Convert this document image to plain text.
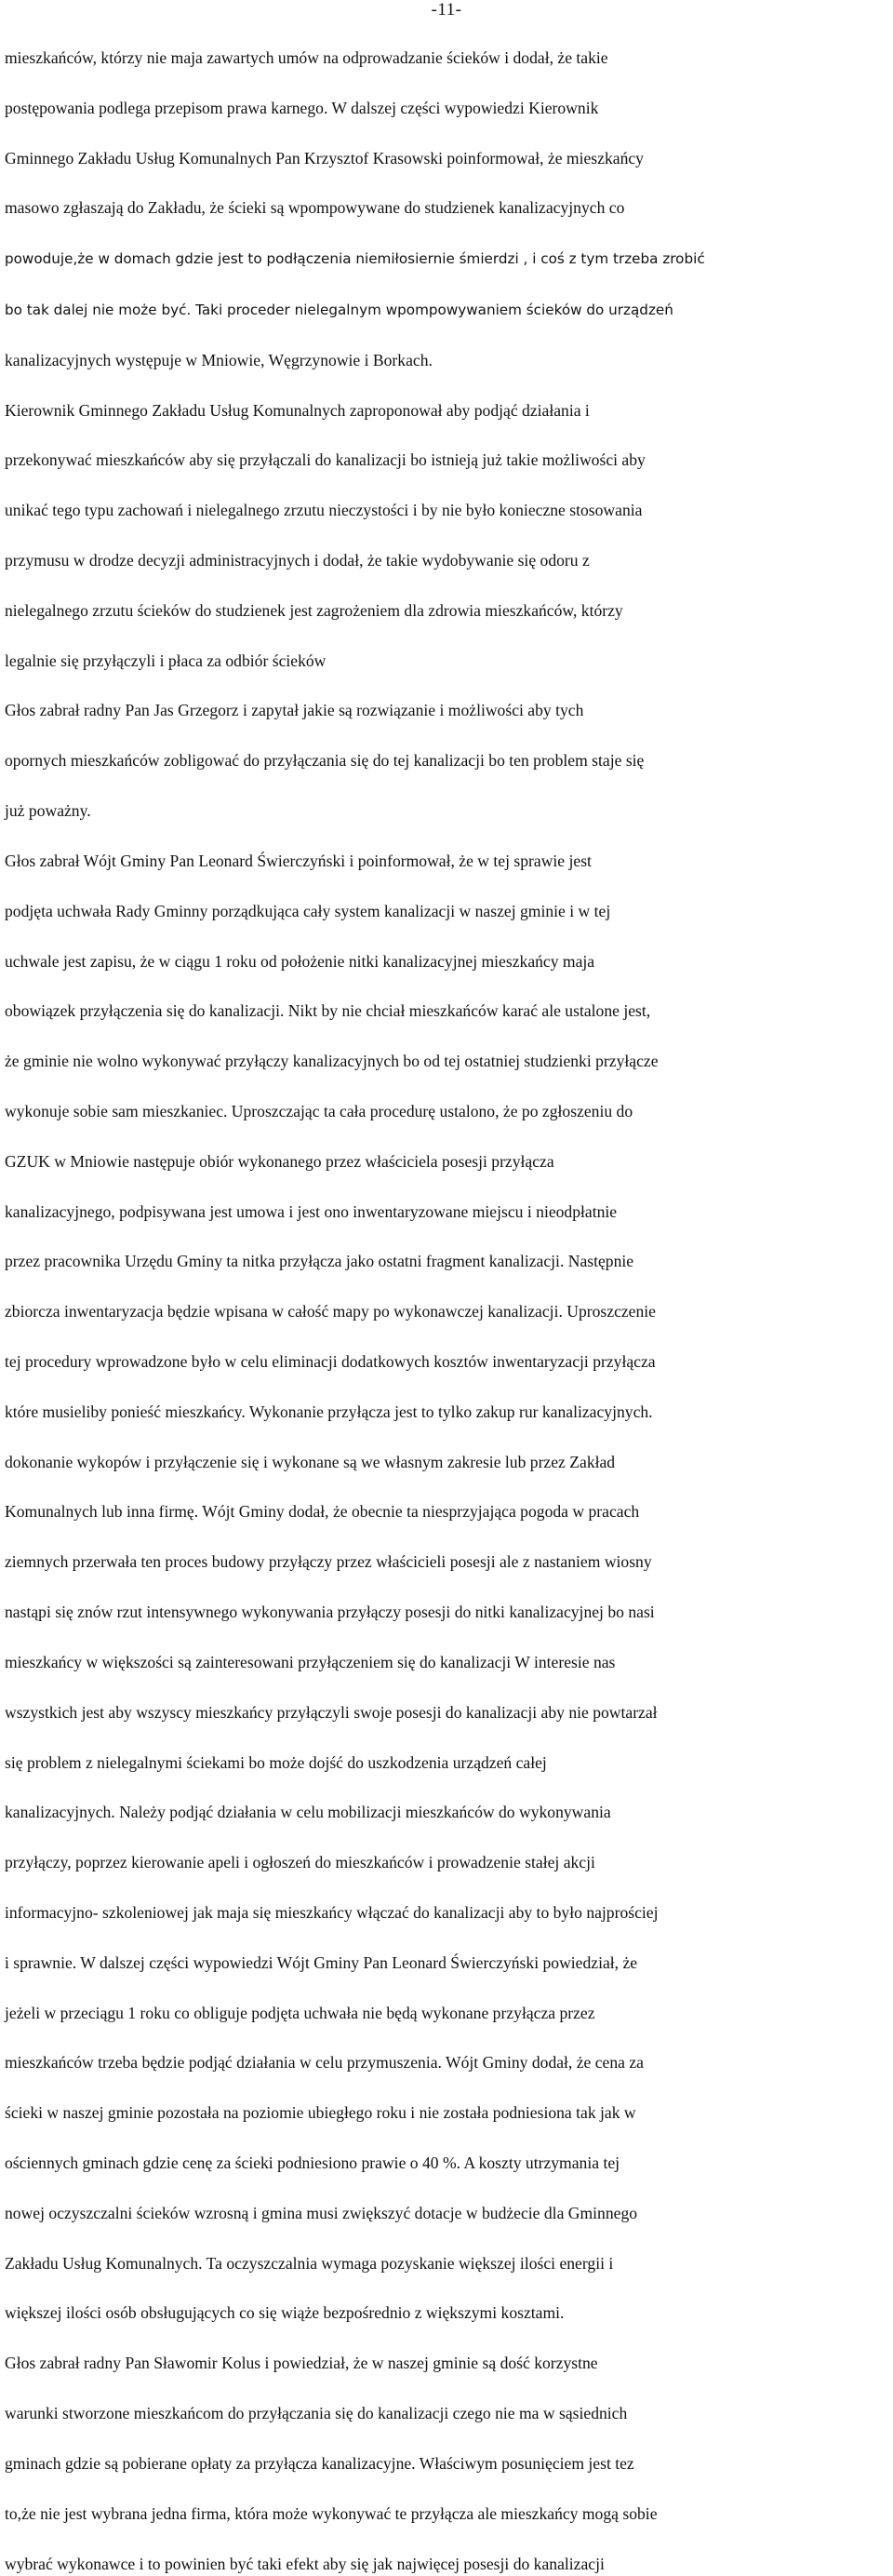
-11-

mieszkańców, którzy nie maja zawartych umów na odprowadzanie ścieków i dodał, że takie

postępowania podlega przepisom prawa karnego. W dalszej części wypowiedzi Kierownik

Gminnego Zakładu Usług Komunalnych Pan Krzysztof Krasowski poinformował, że mieszkańcy

masowo zgłaszają do Zakładu, że ścieki są wpompowywane do studzienek kanalizacyjnych co

powoduje,że w domach gdzie jest to podłączenia niemiłosiernie śmierdzi , i coś z tym trzeba zrobić

bo tak dalej nie może być. Taki proceder nielegalnym wpompowywaniem ścieków do urządzeń

kanalizacyjnych występuje w Mniowie, Węgrzynowie i Borkach.

Kierownik Gminnego Zakładu Usług Komunalnych zaproponował aby podjąć działania i

przekonywać mieszkańców aby się przyłączali do kanalizacji bo istnieją już takie możliwości aby

unikać tego typu zachowań i nielegalnego zrzutu nieczystości i by nie było konieczne stosowania

przymusu w drodze decyzji administracyjnych i dodał, że takie wydobywanie się odoru z

nielegalnego zrzutu ścieków do studzienek jest zagrożeniem dla zdrowia mieszkańców, którzy

legalnie się przyłączyli i płaca za odbiór ścieków

Głos zabrał radny Pan Jas Grzegorz i zapytał jakie są rozwiązanie i możliwości aby tych

opornych mieszkańców zobligować do przyłączania się do tej kanalizacji bo ten problem staje się

już poważny.

Głos zabrał Wójt Gminy Pan Leonard Świerczyński i poinformował, że w tej sprawie jest

podjęta uchwała Rady Gminny porządkująca cały system kanalizacji w naszej gminie i w tej

uchwale jest zapisu, że w ciągu 1 roku od położenie nitki kanalizacyjnej mieszkańcy maja

obowiązek przyłączenia się do kanalizacji. Nikt by nie chciał mieszkańców karać ale ustalone jest,

że gminie nie wolno wykonywać przyłączy kanalizacyjnych bo od tej ostatniej studzienki przyłącze

wykonuje sobie sam mieszkaniec. Uproszczając ta cała procedurę ustalono, że po zgłoszeniu do

GZUK w Mniowie następuje obiór wykonanego przez właściciela posesji przyłącza

kanalizacyjnego, podpisywana jest umowa i jest ono inwentaryzowane miejscu i nieodpłatnie

przez pracownika Urzędu Gminy ta nitka przyłącza jako ostatni fragment kanalizacji. Następnie

zbiorcza inwentaryzacja będzie wpisana w całość mapy po wykonawczej kanalizacji. Uproszczenie

tej procedury wprowadzone było w celu eliminacji dodatkowych kosztów inwentaryzacji przyłącza

które musieliby ponieść mieszkańcy. Wykonanie przyłącza jest to tylko zakup rur kanalizacyjnych.

dokonanie wykopów i przyłączenie się i wykonane są we własnym zakresie lub przez Zakład

Komunalnych lub inna firmę. Wójt Gminy dodał, że obecnie ta niesprzyjająca pogoda w pracach

ziemnych przerwała ten proces budowy przyłączy przez właścicieli posesji ale z nastaniem wiosny

nastąpi się znów rzut intensywnego wykonywania przyłączy posesji do nitki kanalizacyjnej bo nasi

mieszkańcy w większości są zainteresowani przyłączeniem się do kanalizacji W interesie nas

wszystkich jest aby wszyscy mieszkańcy przyłączyli swoje posesji do kanalizacji aby nie powtarzał

się problem z nielegalnymi ściekami bo może dojść do uszkodzenia urządzeń całej

kanalizacyjnych. Należy podjąć działania w celu mobilizacji mieszkańców do wykonywania

przyłączy, poprzez kierowanie apeli i ogłoszeń do mieszkańców i prowadzenie stałej akcji

informacyjno- szkoleniowej jak maja się mieszkańcy włączać do kanalizacji aby to było najprościej

i sprawnie. W dalszej części wypowiedzi Wójt Gminy Pan Leonard Świerczyński powiedział, że

jeżeli w przeciągu 1 roku co obliguje podjęta uchwała nie będą wykonane przyłącza przez

mieszkańców trzeba będzie podjąć działania w celu przymuszenia. Wójt Gminy dodał, że cena za

ścieki w naszej gminie pozostała na poziomie ubiegłego roku i nie została podniesiona tak jak w

ościennych gminach gdzie cenę za ścieki podniesiono prawie o 40 %. A koszty utrzymania tej

nowej oczyszczalni ścieków wzrosną i gmina musi zwiększyć dotacje w budżecie dla Gminnego

Zakładu Usług Komunalnych. Ta oczyszczalnia wymaga pozyskanie większej ilości energii i

większej ilości osób obsługujących co się wiąże bezpośrednio z większymi kosztami.

Głos zabrał radny Pan Sławomir Kolus i powiedział, że w naszej gminie są dość korzystne

warunki stworzone mieszkańcom do przyłączania się do kanalizacji czego nie ma w sąsiednich

gminach gdzie są pobierane opłaty za przyłącza kanalizacyjne. Właściwym posunięciem jest tez

to,że nie jest wybrana jedna firma, która może wykonywać te przyłącza ale mieszkańcy mogą sobie

wybrać wykonawce i to powinien być taki efekt aby się jak najwięcej posesji do kanalizacji
